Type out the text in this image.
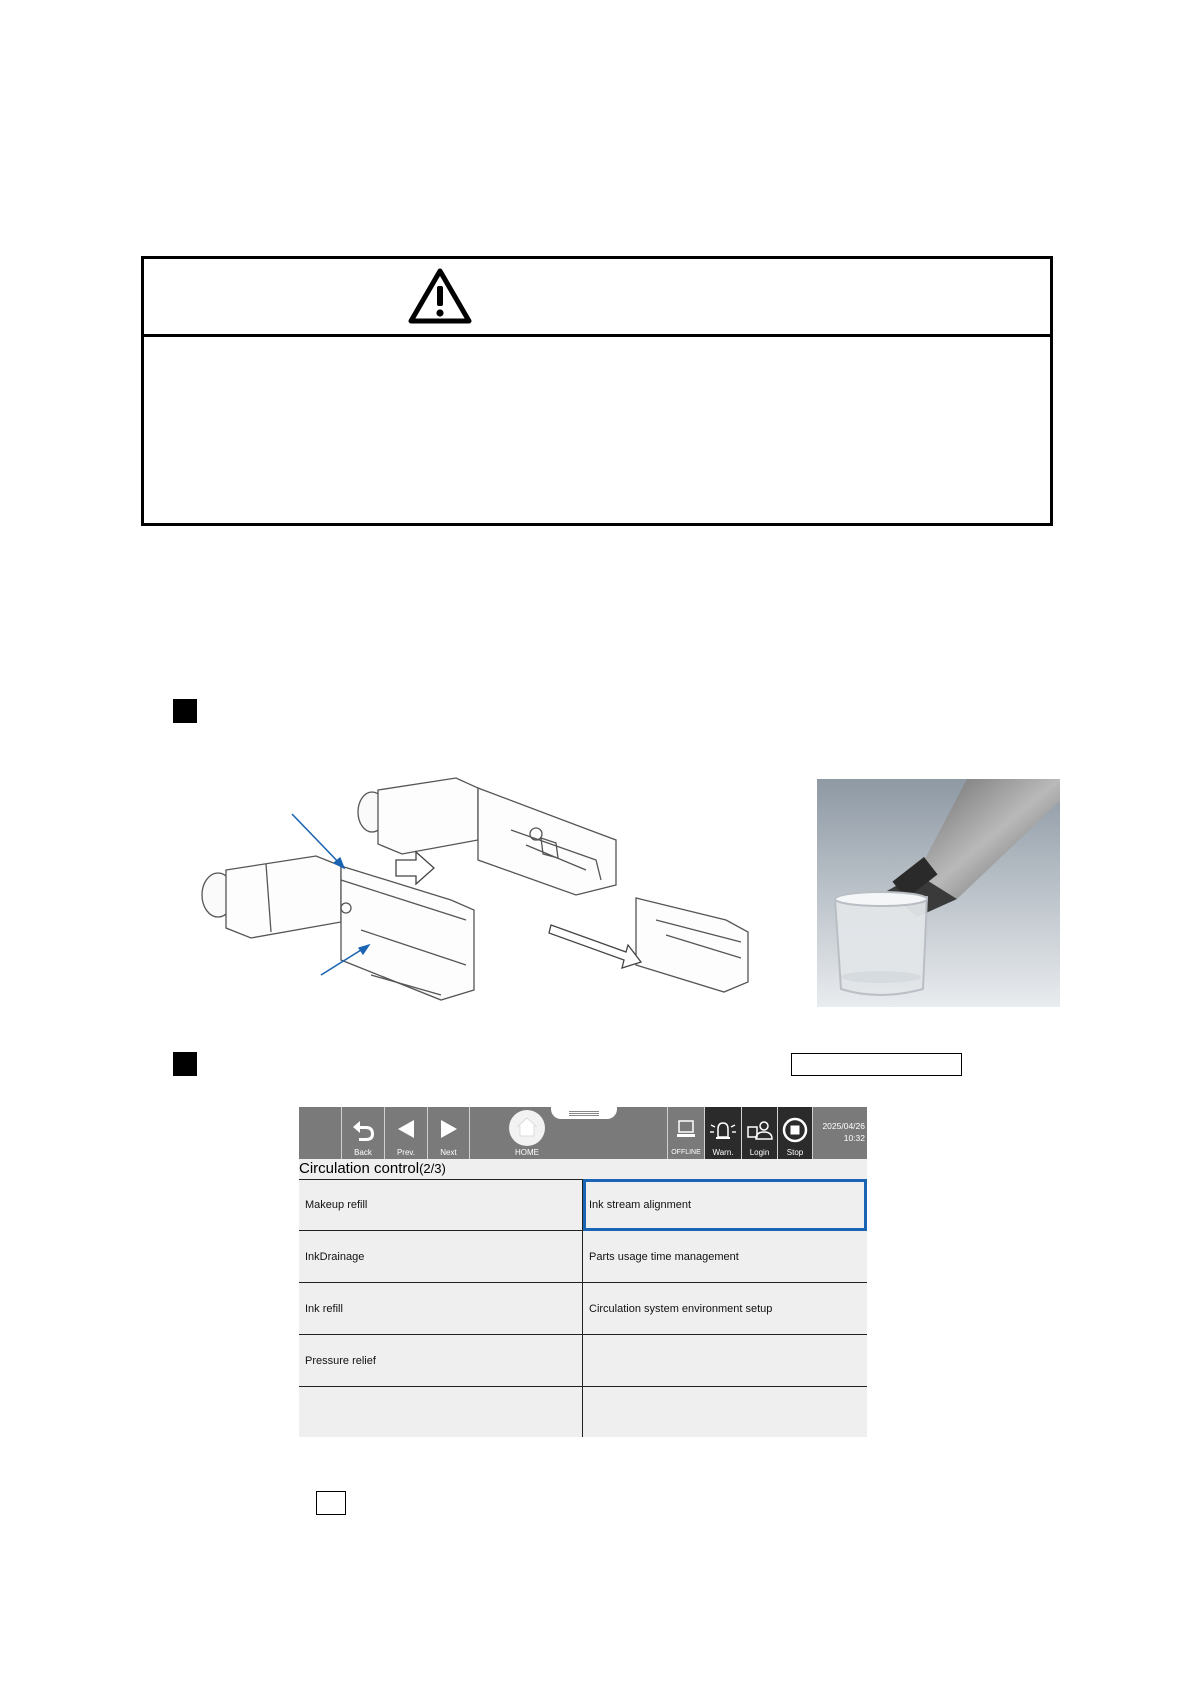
Back	Prev.	Next	HOME	OFFLINE	Warn.	Login	Stop
2025/04/26
10:32
Circulation control(2/3)
Makeup refill	Ink stream alignment
InkDrainage	Parts usage time management
Ink refill	Circulation system environment setup
Pressure relief
